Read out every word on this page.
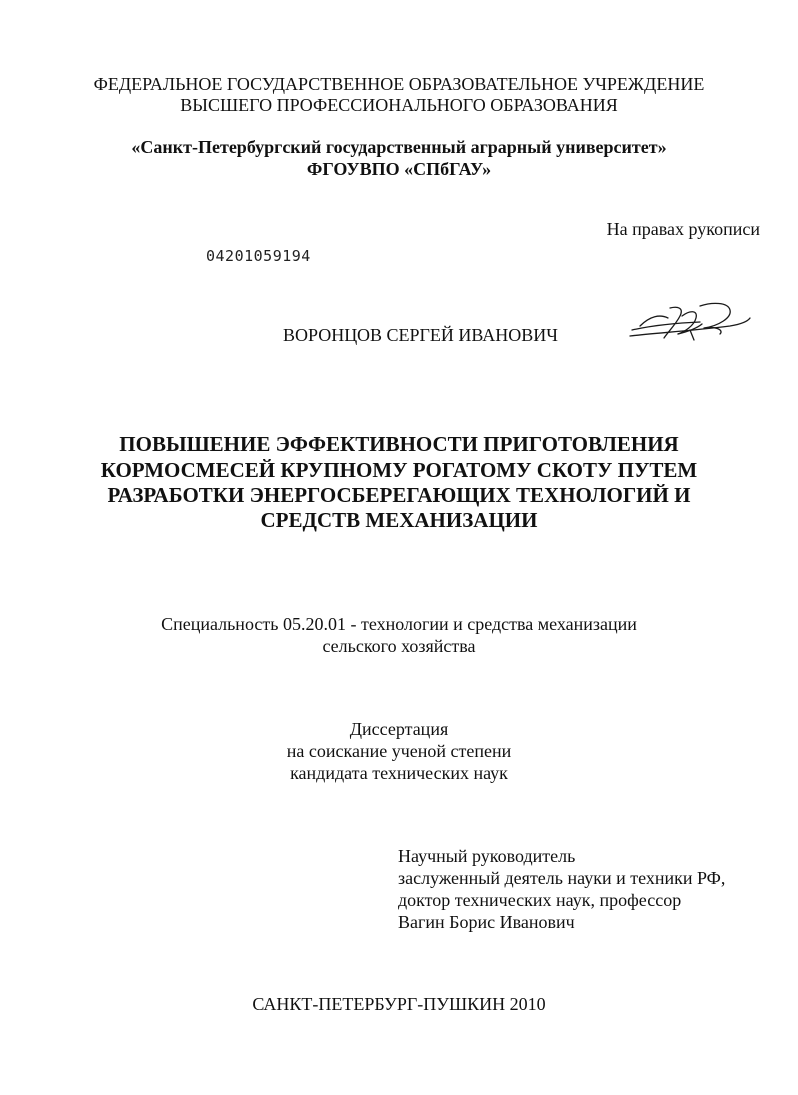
ФЕДЕРАЛЬНОЕ ГОСУДАРСТВЕННОЕ ОБРАЗОВАТЕЛЬНОЕ УЧРЕЖДЕНИЕ
ВЫСШЕГО ПРОФЕССИОНАЛЬНОГО ОБРАЗОВАНИЯ
«Санкт-Петербургский государственный аграрный университет»
ФГОУВПО «СПбГАУ»
На правах рукописи
04201059194
ВОРОНЦОВ СЕРГЕЙ ИВАНОВИЧ
ПОВЫШЕНИЕ ЭФФЕКТИВНОСТИ ПРИГОТОВЛЕНИЯ
КОРМОСМЕСЕЙ КРУПНОМУ РОГАТОМУ СКОТУ ПУТЕМ
РАЗРАБОТКИ ЭНЕРГОСБЕРЕГАЮЩИХ ТЕХНОЛОГИЙ И
СРЕДСТВ МЕХАНИЗАЦИИ
Специальность 05.20.01 - технологии и средства механизации
сельского хозяйства
Диссертация
на соискание ученой степени
кандидата технических наук
Научный руководитель
заслуженный деятель науки и техники РФ,
доктор технических наук, профессор
Вагин Борис Иванович
САНКТ-ПЕТЕРБУРГ-ПУШКИН 2010
